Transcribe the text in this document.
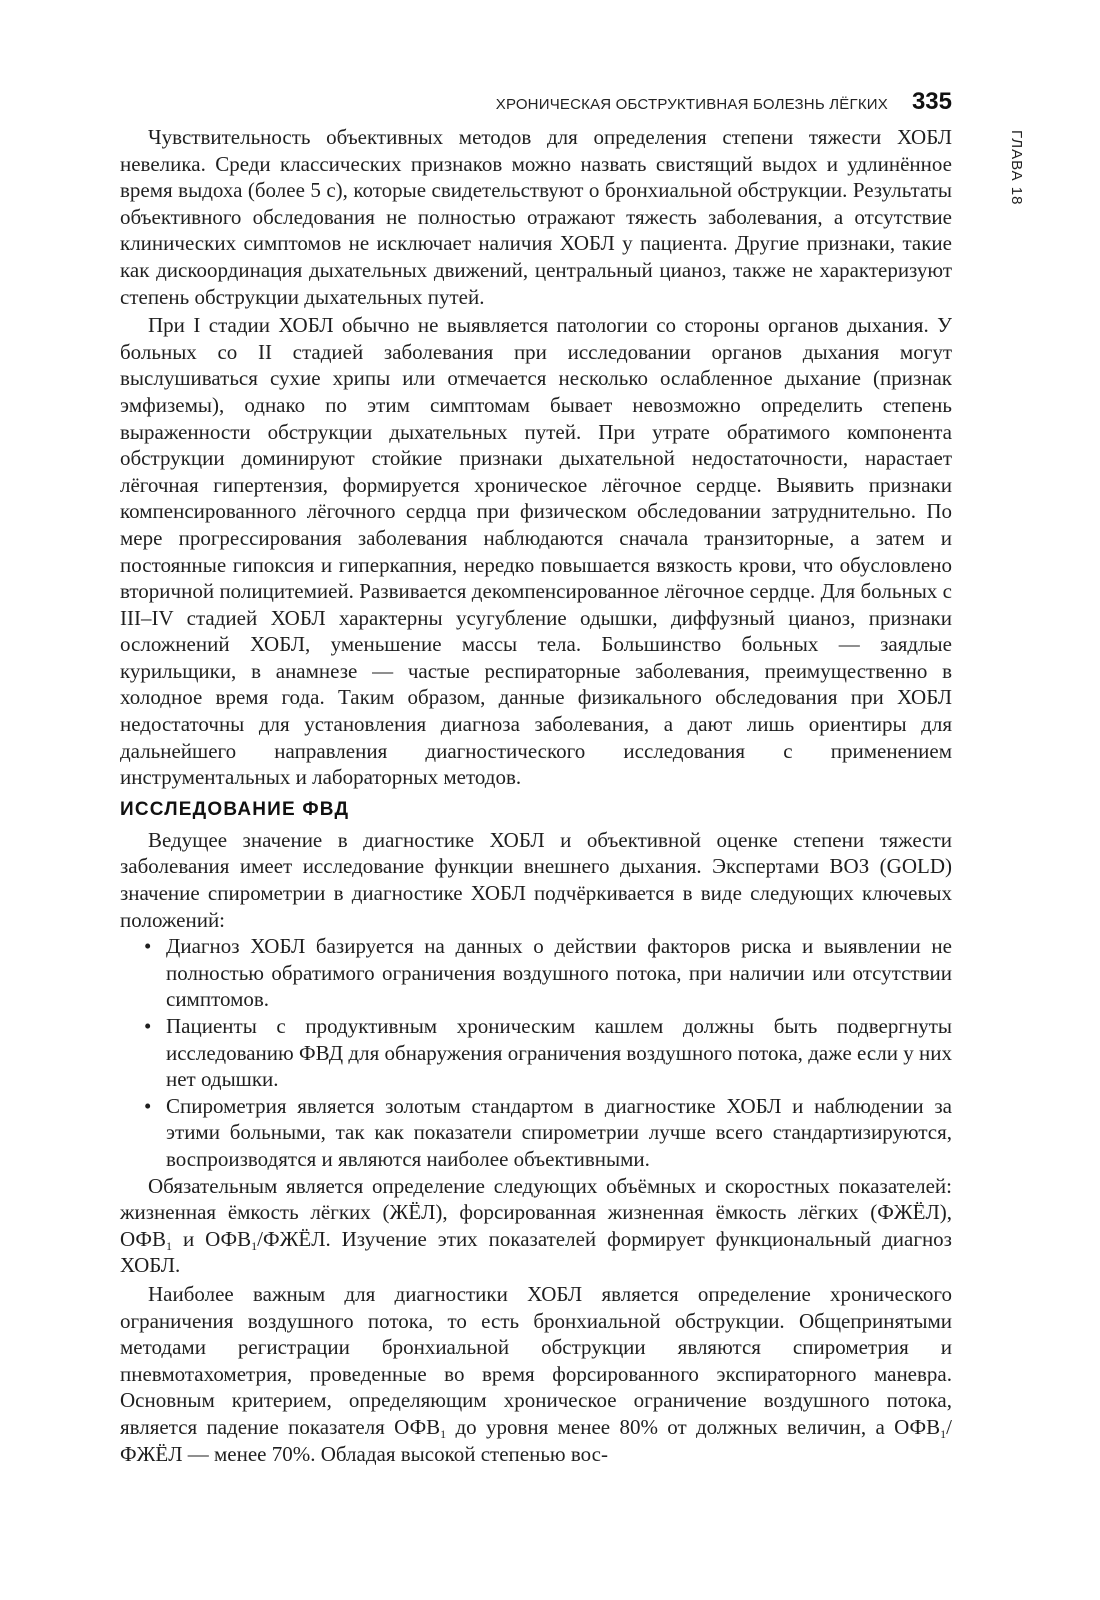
ХРОНИЧЕСКАЯ ОБСТРУКТИВНАЯ БОЛЕЗНЬ ЛЁГКИХ 335
ГЛАВА 18

Чувствительность объективных методов для определения степени тяжести ХОБЛ невелика. Среди классических признаков можно назвать свистящий выдох и удлинённое время выдоха (более 5 с), которые свидетельствуют о бронхиальной обструкции. Результаты объективного обследования не полностью отражают тяжесть заболевания, а отсутствие клинических симптомов не исключает наличия ХОБЛ у пациента. Другие признаки, такие как дискоординация дыхательных движений, центральный цианоз, также не характеризуют степень обструкции дыхательных путей.

При I стадии ХОБЛ обычно не выявляется патологии со стороны органов дыхания. У больных со II стадией заболевания при исследовании органов дыхания могут выслушиваться сухие хрипы или отмечается несколько ослабленное дыхание (признак эмфиземы), однако по этим симптомам бывает невозможно определить степень выраженности обструкции дыхательных путей. При утрате обратимого компонента обструкции доминируют стойкие признаки дыхательной недостаточности, нарастает лёгочная гипертензия, формируется хроническое лёгочное сердце. Выявить признаки компенсированного лёгочного сердца при физическом обследовании затруднительно. По мере прогрессирования заболевания наблюдаются сначала транзиторные, а затем и постоянные гипоксия и гиперкапния, нередко повышается вязкость крови, что обусловлено вторичной полицитемией. Развивается декомпенсированное лёгочное сердце. Для больных с III–IV стадией ХОБЛ характерны усугубление одышки, диффузный цианоз, признаки осложнений ХОБЛ, уменьшение массы тела. Большинство больных — заядлые курильщики, в анамнезе — частые респираторные заболевания, преимущественно в холодное время года. Таким образом, данные физикального обследования при ХОБЛ недостаточны для установления диагноза заболевания, а дают лишь ориентиры для дальнейшего направления диагностического исследования с применением инструментальных и лабораторных методов.

ИССЛЕДОВАНИЕ ФВД

Ведущее значение в диагностике ХОБЛ и объективной оценке степени тяжести заболевания имеет исследование функции внешнего дыхания. Экспертами ВОЗ (GOLD) значение спирометрии в диагностике ХОБЛ подчёркивается в виде следующих ключевых положений:

• Диагноз ХОБЛ базируется на данных о действии факторов риска и выявлении не полностью обратимого ограничения воздушного потока, при наличии или отсутствии симптомов.
• Пациенты с продуктивным хроническим кашлем должны быть подвергнуты исследованию ФВД для обнаружения ограничения воздушного потока, даже если у них нет одышки.
• Спирометрия является золотым стандартом в диагностике ХОБЛ и наблюдении за этими больными, так как показатели спирометрии лучше всего стандартизируются, воспроизводятся и являются наиболее объективными.

Обязательным является определение следующих объёмных и скоростных показателей: жизненная ёмкость лёгких (ЖЁЛ), форсированная жизненная ёмкость лёгких (ФЖЁЛ), $ОФВ_1$ и $ОФВ_1$/ФЖЁЛ. Изучение этих показателей формирует функциональный диагноз ХОБЛ.

Наиболее важным для диагностики ХОБЛ является определение хронического ограничения воздушного потока, то есть бронхиальной обструкции. Общепринятыми методами регистрации бронхиальной обструкции являются спирометрия и пневмотахометрия, проведенные во время форсированного экспираторного маневра. Основным критерием, определяющим хроническое ограничение воздушного потока, является падение показателя $ОФВ_1$ до уровня менее 80% от должных величин, а $ОФВ_1$/ФЖЁЛ — менее 70%. Обладая высокой степенью вос-
